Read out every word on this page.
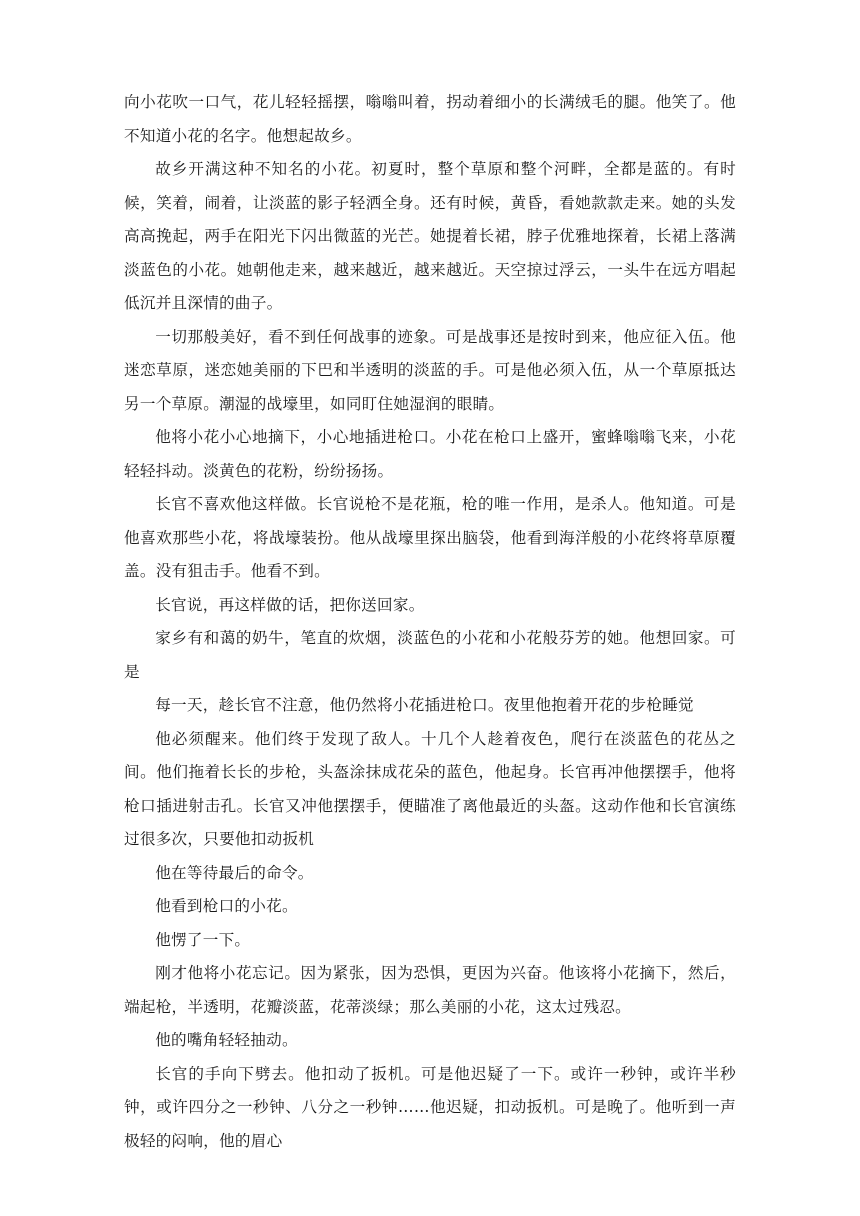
向小花吹一口气，花儿轻轻摇摆，嗡嗡叫着，拐动着细小的长满绒毛的腿。他笑了。他不知道小花的名字。他想起故乡。

故乡开满这种不知名的小花。初夏时，整个草原和整个河畔，全都是蓝的。有时候，笑着，闹着，让淡蓝的影子轻洒全身。还有时候，黄昏，看她款款走来。她的头发高高挽起，两手在阳光下闪出微蓝的光芒。她提着长裙，脖子优雅地探着，长裙上落满淡蓝色的小花。她朝他走来，越来越近，越来越近。天空掠过浮云，一头牛在远方唱起低沉并且深情的曲子。

一切那般美好，看不到任何战事的迹象。可是战事还是按时到来，他应征入伍。他迷恋草原，迷恋她美丽的下巴和半透明的淡蓝的手。可是他必须入伍，从一个草原抵达另一个草原。潮湿的战壕里，如同盯住她湿润的眼睛。

他将小花小心地摘下，小心地插进枪口。小花在枪口上盛开，蜜蜂嗡嗡飞来，小花轻轻抖动。淡黄色的花粉，纷纷扬扬。

长官不喜欢他这样做。长官说枪不是花瓶，枪的唯一作用，是杀人。他知道。可是他喜欢那些小花，将战壕装扮。他从战壕里探出脑袋，他看到海洋般的小花终将草原覆盖。没有狙击手。他看不到。

长官说，再这样做的话，把你送回家。

家乡有和蔼的奶牛，笔直的炊烟，淡蓝色的小花和小花般芬芳的她。他想回家。可是

每一天，趁长官不注意，他仍然将小花插进枪口。夜里他抱着开花的步枪睡觉

他必须醒来。他们终于发现了敌人。十几个人趁着夜色，爬行在淡蓝色的花丛之间。他们拖着长长的步枪，头盔涂抹成花朵的蓝色，他起身。长官再冲他摆摆手，他将枪口插进射击孔。长官又冲他摆摆手，便瞄准了离他最近的头盔。这动作他和长官演练过很多次，只要他扣动扳机

他在等待最后的命令。

他看到枪口的小花。

他愣了一下。

刚才他将小花忘记。因为紧张，因为恐惧，更因为兴奋。他该将小花摘下，然后，端起枪，半透明，花瓣淡蓝，花蒂淡绿；那么美丽的小花，这太过残忍。

他的嘴角轻轻抽动。

长官的手向下劈去。他扣动了扳机。可是他迟疑了一下。或许一秒钟，或许半秒钟，或许四分之一秒钟、八分之一秒钟……他迟疑，扣动扳机。可是晚了。他听到一声极轻的闷响，他的眉心
